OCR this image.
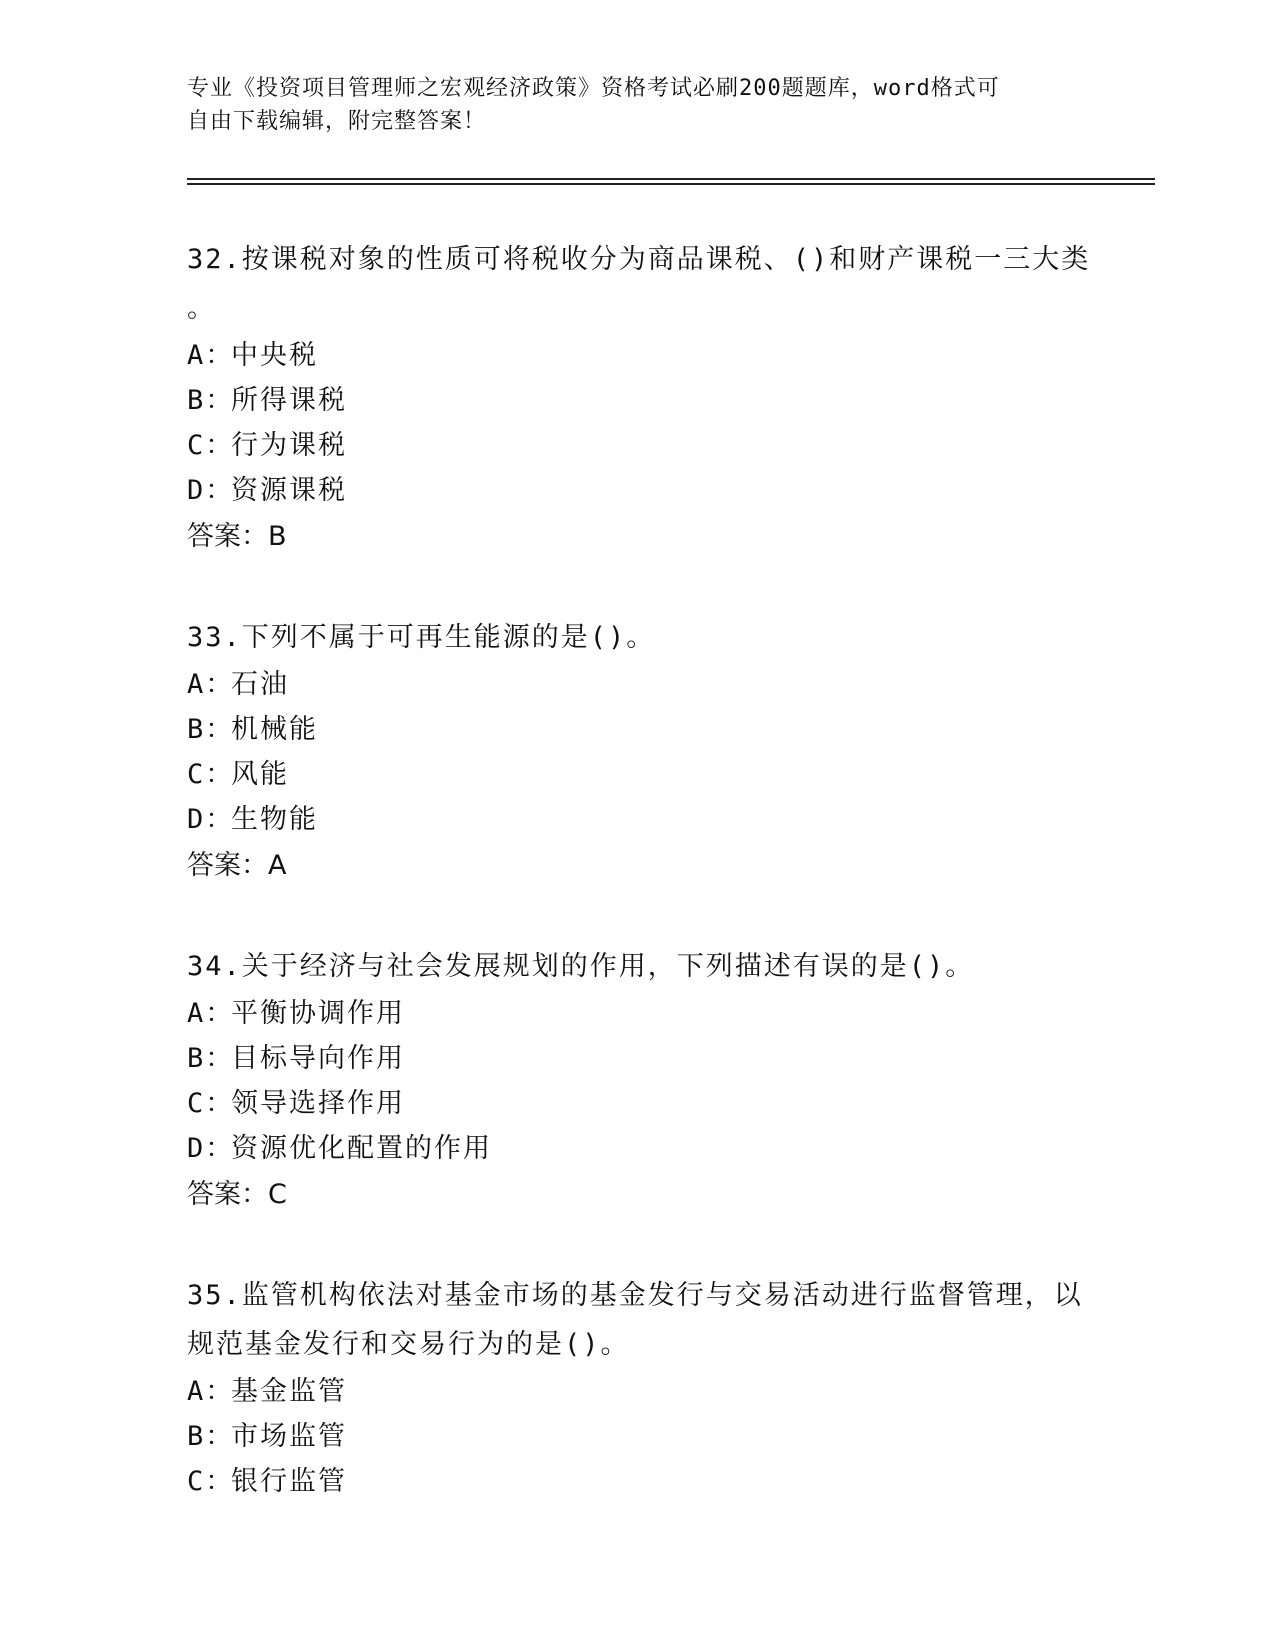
专业《投资项目管理师之宏观经济政策》资格考试必刷200题题库，word格式可
自由下载编辑，附完整答案！
32.按课税对象的性质可将税收分为商品课税、()和财产课税一三大类
。
A：中央税
B：所得课税
C：行为课税
D：资源课税
答案：B
33.下列不属于可再生能源的是()。
A：石油
B：机械能
C：风能
D：生物能
答案：A
34.关于经济与社会发展规划的作用，下列描述有误的是()。
A：平衡协调作用
B：目标导向作用
C：领导选择作用
D：资源优化配置的作用
答案：C
35.监管机构依法对基金市场的基金发行与交易活动进行监督管理，以
规范基金发行和交易行为的是()。
A：基金监管
B：市场监管
C：银行监管
